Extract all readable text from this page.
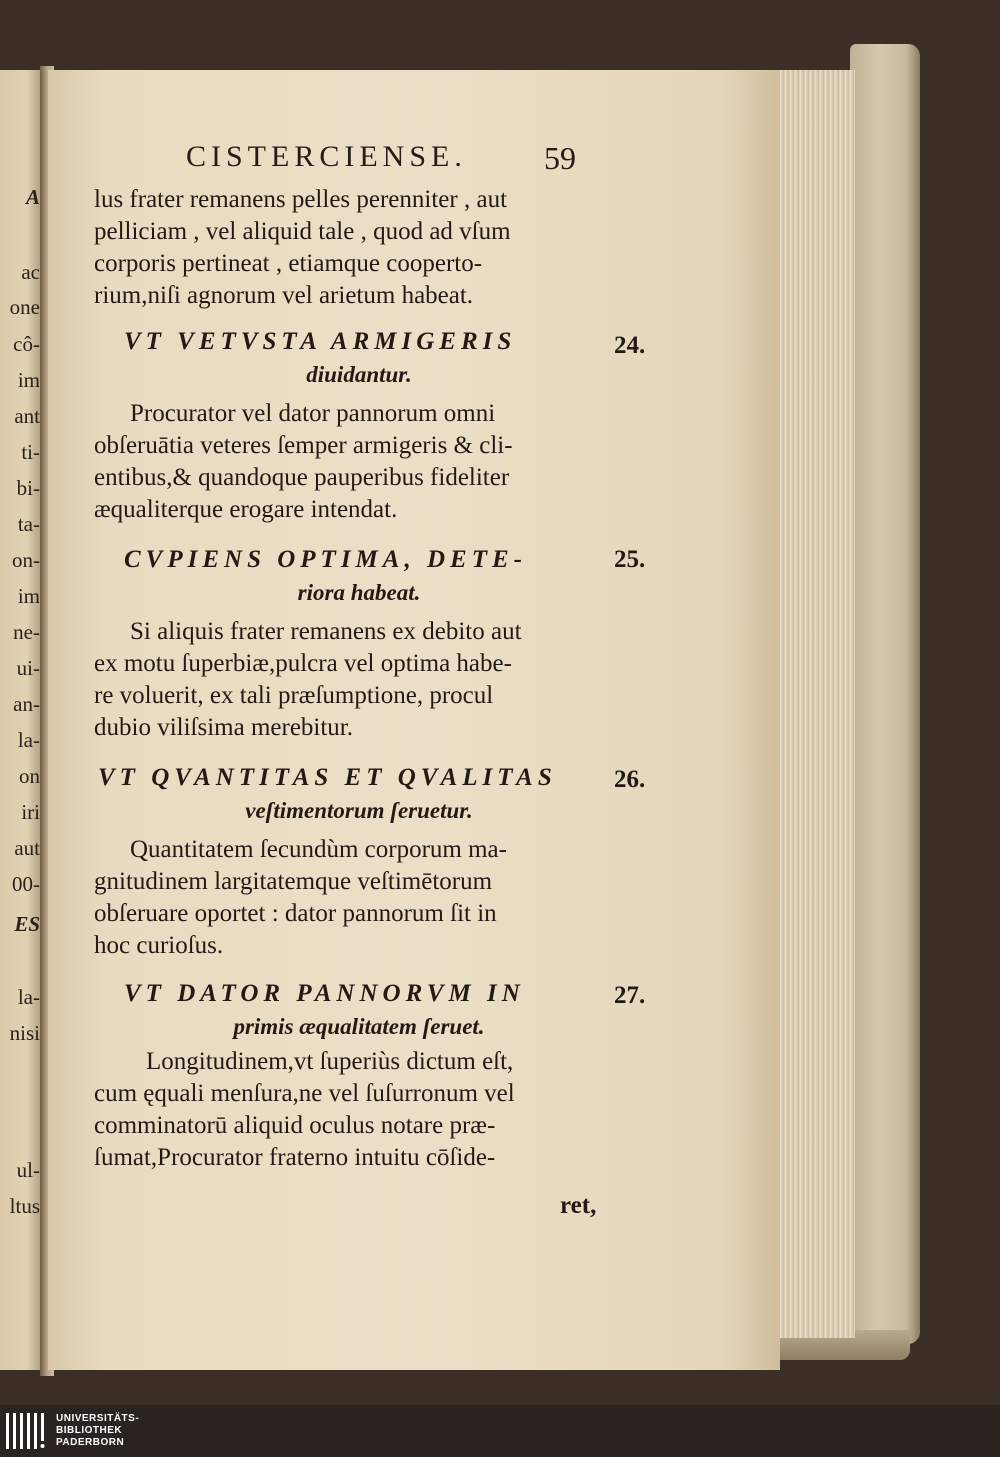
A
ac
one
cô-
im
ant
ti-
bi-
ta-
on-
im
ne-
ui-
an-
la-
on
iri
aut
00-
ES
la-
nisi
ul-
ltus
CISTERCIENSE. 59
lus frater remanens pelles perenniter , aut
pelliciam , vel aliquid tale , quod ad vſum
corporis pertineat , etiamque cooperto-
rium,niſi agnorum vel arietum habeat.
VT VETVSTA ARMIGERIS
diuidantur.
24.
Procurator vel dator pannorum omni
obſeruātia veteres ſemper armigeris & cli-
entibus,& quandoque pauperibus fideliter
æqualiterque erogare intendat.
CVPIENS OPTIMA, DETE-
riora habeat.
25.
Si aliquis frater remanens ex debito aut
ex motu ſuperbiæ,pulcra vel optima habe-
re voluerit, ex tali præſumptione, procul
dubio viliſsima merebitur.
VT QVANTITAS ET QVALITAS
veſtimentorum ſeruetur.
26.
Quantitatem ſecundùm corporum ma-
gnitudinem largitatemque veſtimētorum
obſeruare oportet : dator pannorum ſit in
hoc curioſus.
VT DATOR PANNORVM IN
primis æqualitatem ſeruet.
27.
Longitudinem,vt ſuperiùs dictum eſt,
cum ęquali menſura,ne vel ſuſurronum vel
comminatorū aliquid oculus notare præ-
ſumat,Procurator fraterno intuitu cōſide-
ret,
UNIVERSITÄTS-
BIBLIOTHEK
PADERBORN
